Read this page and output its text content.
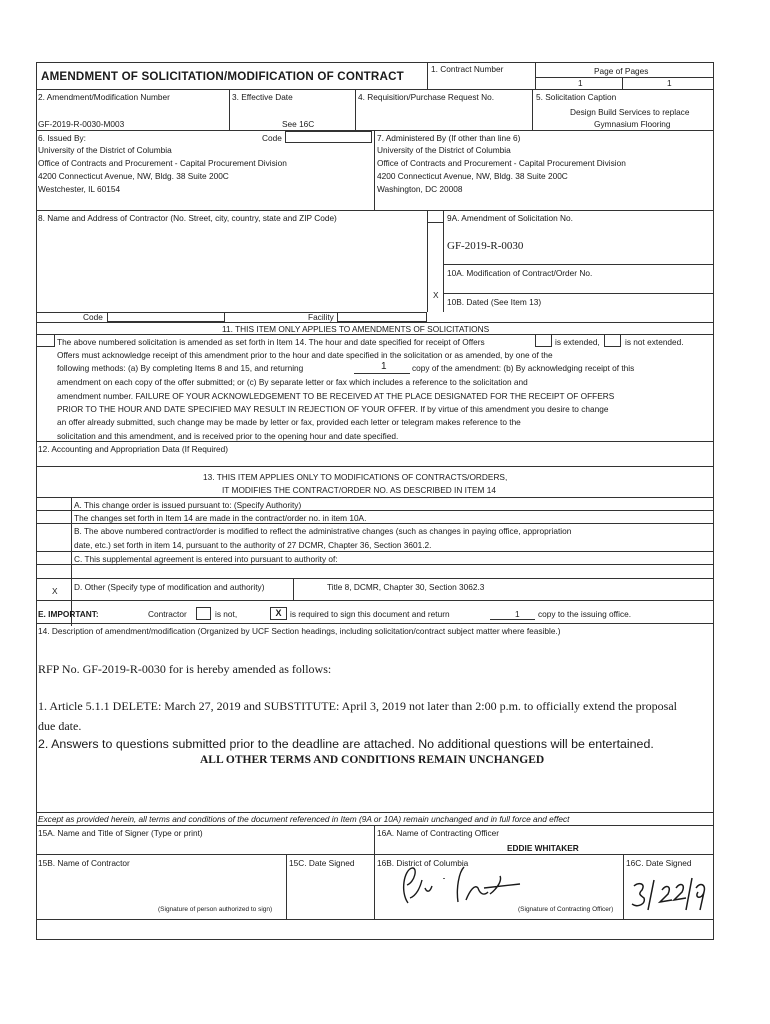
AMENDMENT OF SOLICITATION/MODIFICATION OF CONTRACT
1. Contract Number	Page of Pages
1	1
2. Amendment/Modification Number
GF-2019-R-0030-M003
3. Effective Date
See 16C
4. Requisition/Purchase Request No.	5. Solicitation Caption
Design Build Services to replace
Gymnasium Flooring
6. Issued By:	Code
University of the District of Columbia
Office of Contracts and Procurement - Capital Procurement Division
4200 Connecticut Avenue, NW, Bldg. 38 Suite 200C
Westchester, IL 60154
7. Administered By (If other than line 6)
University of the District of Columbia
Office of Contracts and Procurement - Capital Procurement Division
4200 Connecticut Avenue, NW, Bldg. 38 Suite 200C
Washington, DC 20008
8. Name and Address of Contractor (No. Street, city, country, state and ZIP Code)	9A. Amendment of Solicitation No.
GF-2019-R-0030
10A. Modification of Contract/Order No.
X
10B. Dated (See Item 13)
Code	Facility
11. THIS ITEM ONLY APPLIES TO AMENDMENTS OF SOLICITATIONS
The above numbered solicitation is amended as set forth in Item 14. The hour and date specified for receipt of Offers	is extended,	is not extended.
Offers must acknowledge receipt of this amendment prior to the hour and date specified in the solicitation or as amended, by one of the
following methods: (a) By completing Items 8 and 15, and returning	1	copy of the amendment: (b) By acknowledging receipt of this
amendment on each copy of the offer submitted; or (c) By separate letter or fax which includes a reference to the solicitation and
amendment number. FAILURE OF YOUR ACKNOWLEDGEMENT TO BE RECEIVED AT THE PLACE DESIGNATED FOR THE RECEIPT OF OFFERS
PRIOR TO THE HOUR AND DATE SPECIFIED MAY RESULT IN REJECTION OF YOUR OFFER. If by virtue of this amendment you desire to change
an offer already submitted, such change may be made by letter or fax, provided each letter or telegram makes reference to the
solicitation and this amendment, and is received prior to the opening hour and date specified.
12. Accounting and Appropriation Data (If Required)
13. THIS ITEM APPLIES ONLY TO MODIFICATIONS OF CONTRACTS/ORDERS,
IT MODIFIES THE CONTRACT/ORDER NO. AS DESCRIBED IN ITEM 14
A. This change order is issued pursuant to: (Specify Authority)
The changes set forth in Item 14 are made in the contract/order no. in item 10A.
B. The above numbered contract/order is modified to reflect the administrative changes (such as changes in paying office, appropriation
date, etc.) set forth in item 14, pursuant to the authority of 27 DCMR, Chapter 36, Section 3601.2.
C. This supplemental agreement is entered into pursuant to authority of:
X D. Other (Specify type of modification and authority)	Title 8, DCMR, Chapter 30, Section 3062.3
E. IMPORTANT:	Contractor	is not,	X	is required to sign this document and return	1 copy to the issuing office.
14. Description of amendment/modification (Organized by UCF Section headings, including solicitation/contract subject matter where feasible.)
RFP No. GF-2019-R-0030 for is hereby amended as follows:
1. Article 5.1.1 DELETE: March 27, 2019 and SUBSTITUTE: April 3, 2019 not later than 2:00 p.m. to officially extend the proposal
due date.
2. Answers to questions submitted prior to the deadline are attached. No additional questions will be entertained.
ALL OTHER TERMS AND CONDITIONS REMAIN UNCHANGED
Except as provided herein, all terms and conditions of the document referenced in Item (9A or 10A) remain unchanged and in full force and effect
15A. Name and Title of Signer (Type or print)	16A. Name of Contracting Officer
EDDIE WHITAKER
15B. Name of Contractor	15C. Date Signed	16B. District of Columbia	16C. Date Signed
(Signature of person authorized to sign)	(Signature of Contracting Officer)
